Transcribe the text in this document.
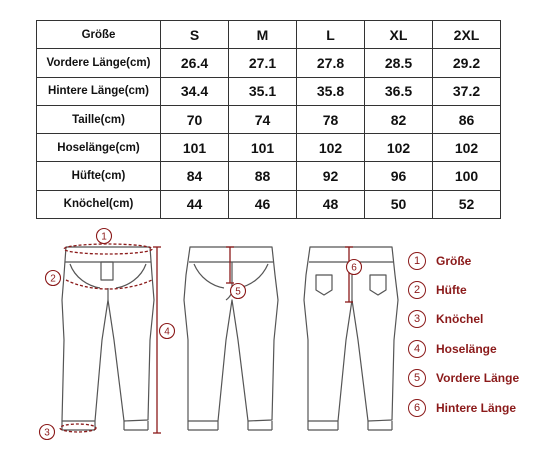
Größe	S	M	L	XL	2XL
Vordere Länge(cm)	26.4	27.1	27.8	28.5	29.2
Hintere Länge(cm)	34.4	35.1	35.8	36.5	37.2
Taille(cm)	70	74	78	82	86
Hoselänge(cm)	101	101	102	102	102
Hüfte(cm)	84	88	92	96	100
Knöchel(cm)	44	46	48	50	52
1
2
3
4
5
6
1	Größe
2	Hüfte
3	Knöchel
4	Hoselänge
5	Vordere Länge
6	Hintere Länge
